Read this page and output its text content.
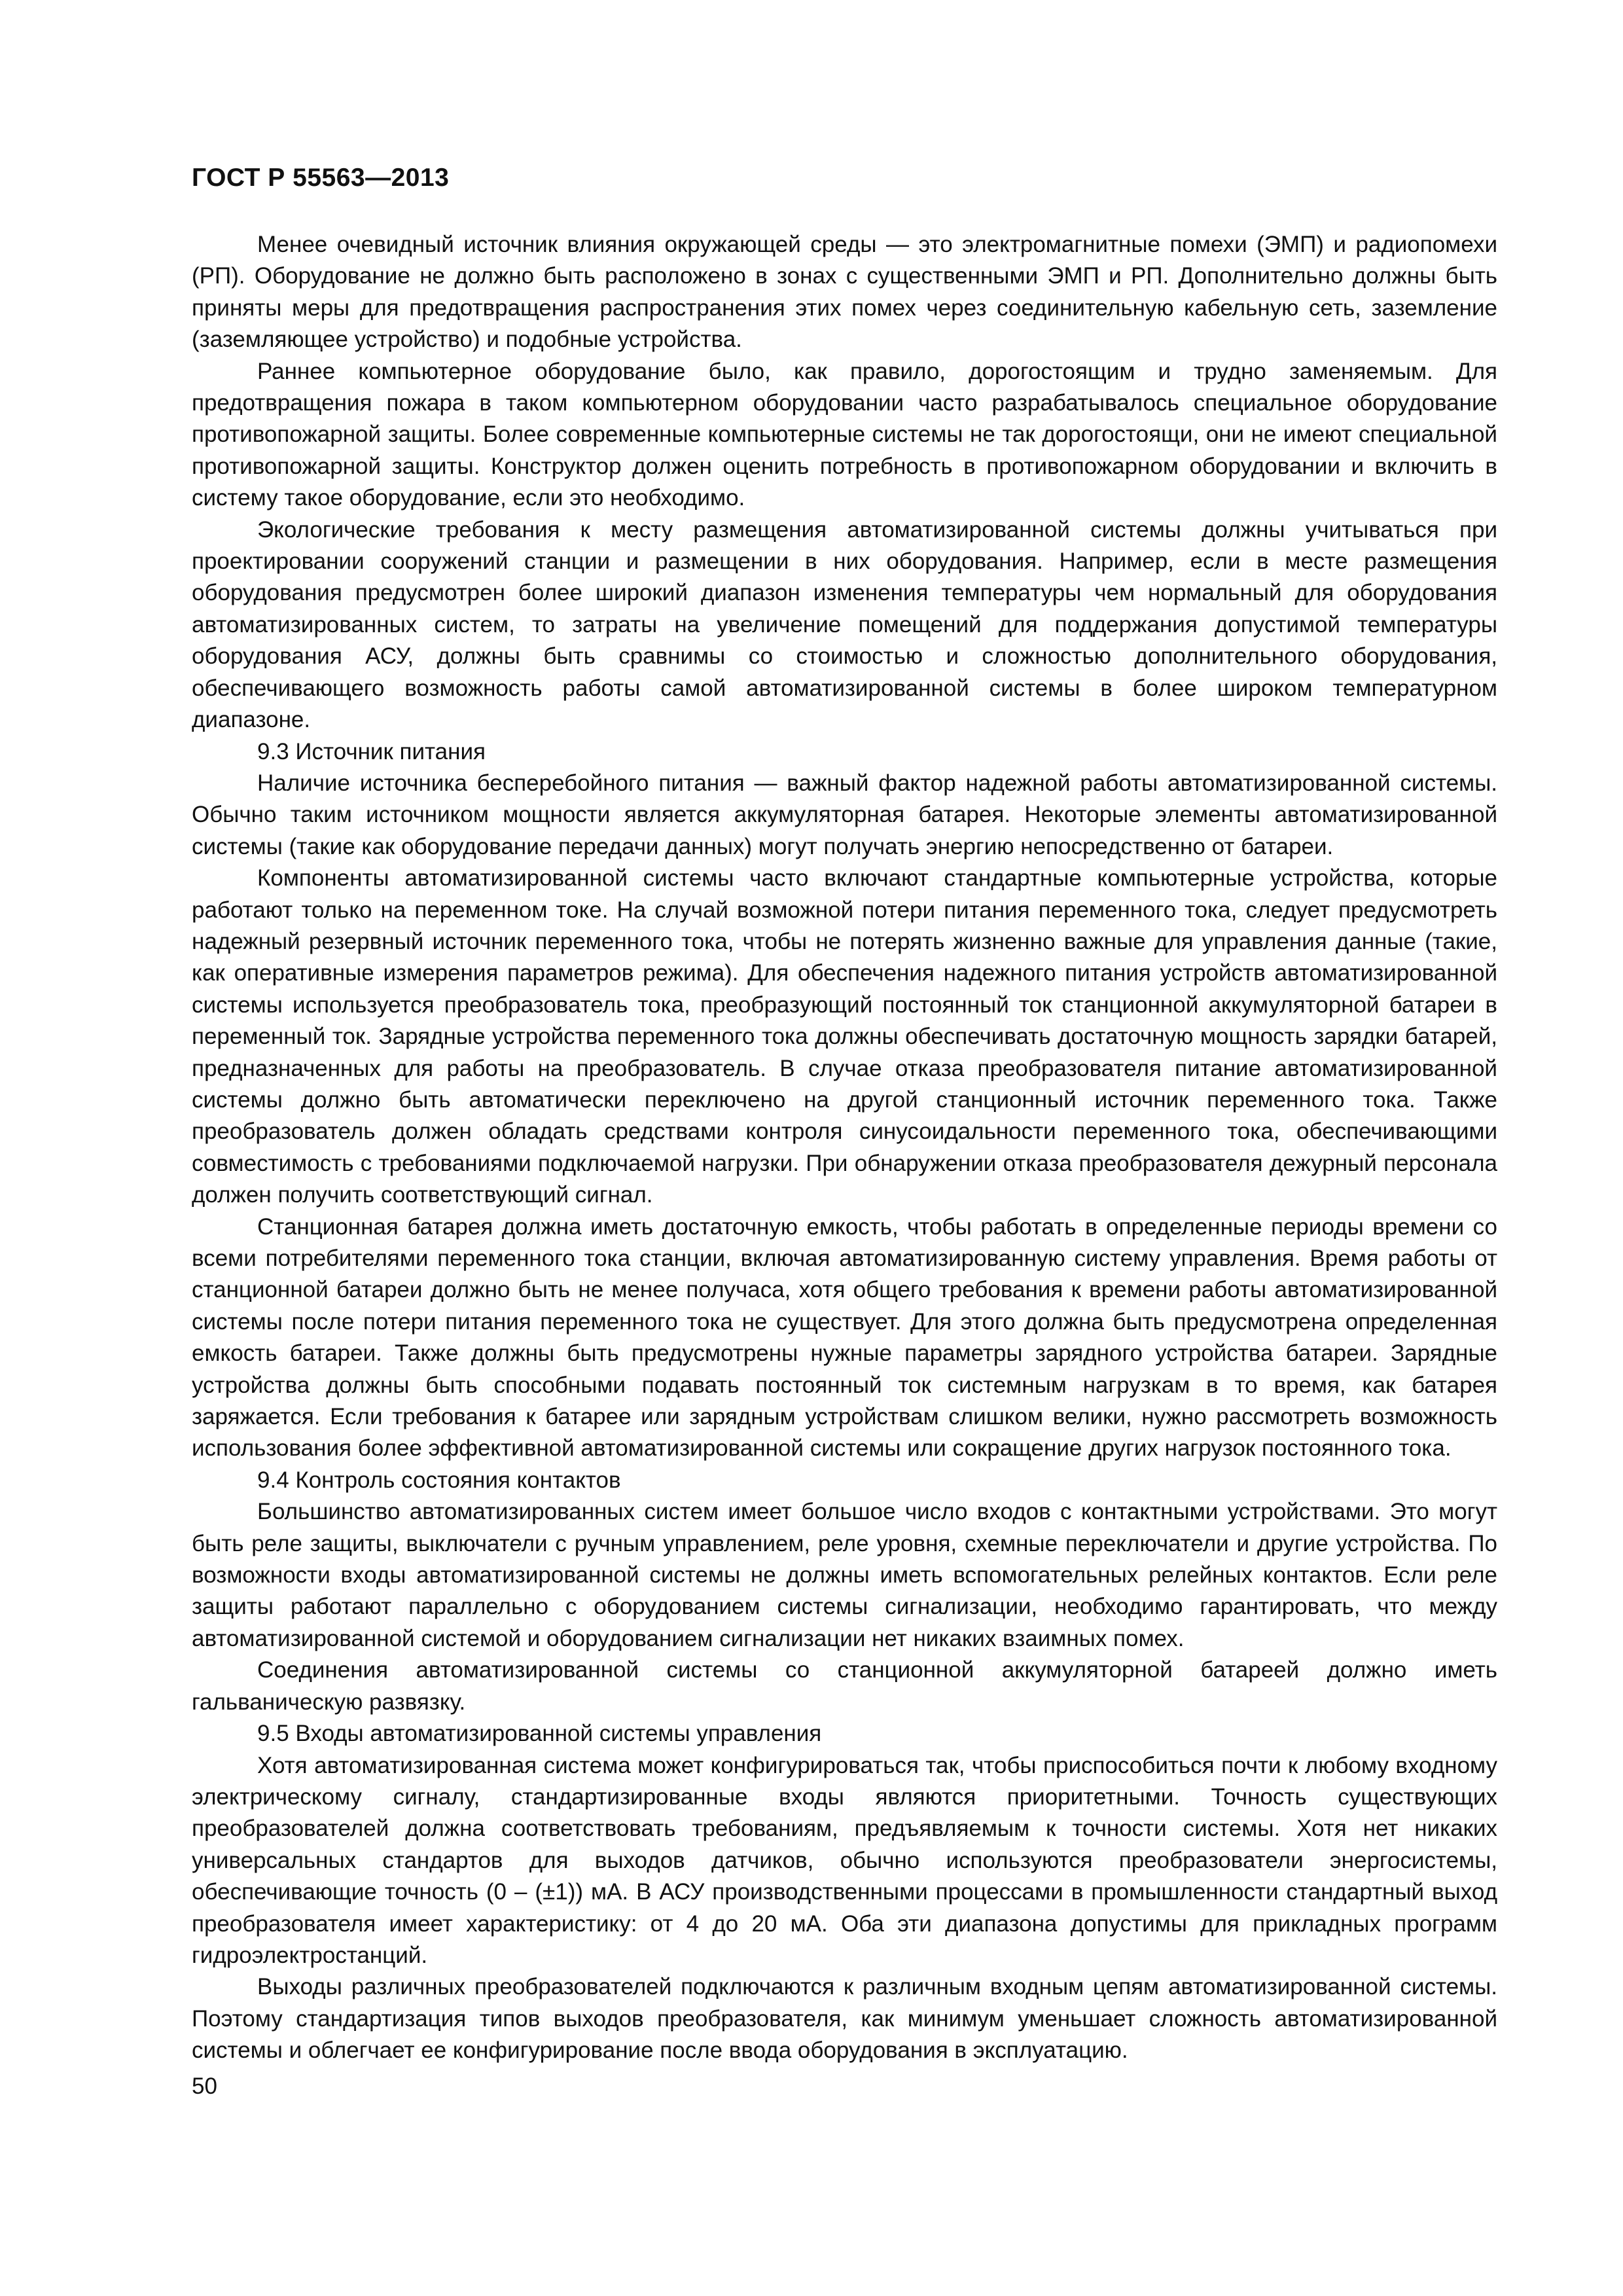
ГОСТ Р 55563—2013

Менее очевидный источник влияния окружающей среды — это электромагнитные помехи (ЭМП) и радиопомехи (РП). Оборудование не должно быть расположено в зонах с существенными ЭМП и РП. Дополнительно должны быть приняты меры для предотвращения распространения этих помех через соединительную кабельную сеть, заземление (заземляющее устройство) и подобные устройства.

Раннее компьютерное оборудование было, как правило, дорогостоящим и трудно заменяемым. Для предотвращения пожара в таком компьютерном оборудовании часто разрабатывалось специальное оборудование противопожарной защиты. Более современные компьютерные системы не так дорогостоящи, они не имеют специальной противопожарной защиты. Конструктор должен оценить потребность в противопожарном оборудовании и включить в систему такое оборудование, если это необходимо.

Экологические требования к месту размещения автоматизированной системы должны учитываться при проектировании сооружений станции и размещении в них оборудования. Например, если в месте размещения оборудования предусмотрен более широкий диапазон изменения температуры чем нормальный для оборудования автоматизированных систем, то затраты на увеличение помещений для поддержания допустимой температуры оборудования АСУ, должны быть сравнимы со стоимостью и сложностью дополнительного оборудования, обеспечивающего возможность работы самой автоматизированной системы в более широком температурном диапазоне.

9.3 Источник питания

Наличие источника бесперебойного питания — важный фактор надежной работы автоматизированной системы. Обычно таким источником мощности является аккумуляторная батарея. Некоторые элементы автоматизированной системы (такие как оборудование передачи данных) могут получать энергию непосредственно от батареи.

Компоненты автоматизированной системы часто включают стандартные компьютерные устройства, которые работают только на переменном токе. На случай возможной потери питания переменного тока, следует предусмотреть надежный резервный источник переменного тока, чтобы не потерять жизненно важные для управления данные (такие, как оперативные измерения параметров режима). Для обеспечения надежного питания устройств автоматизированной системы используется преобразователь тока, преобразующий постоянный ток станционной аккумуляторной батареи в переменный ток. Зарядные устройства переменного тока должны обеспечивать достаточную мощность зарядки батарей, предназначенных для работы на преобразователь. В случае отказа преобразователя питание автоматизированной системы должно быть автоматически переключено на другой станционный источник переменного тока. Также преобразователь должен обладать средствами контроля синусоидальности переменного тока, обеспечивающими совместимость с требованиями подключаемой нагрузки. При обнаружении отказа преобразователя дежурный персонала должен получить соответствующий сигнал.

Станционная батарея должна иметь достаточную емкость, чтобы работать в определенные периоды времени со всеми потребителями переменного тока станции, включая автоматизированную систему управления. Время работы от станционной батареи должно быть не менее получаса, хотя общего требования к времени работы автоматизированной системы после потери питания переменного тока не существует. Для этого должна быть предусмотрена определенная емкость батареи. Также должны быть предусмотрены нужные параметры зарядного устройства батареи. Зарядные устройства должны быть способными подавать постоянный ток системным нагрузкам в то время, как батарея заряжается. Если требования к батарее или зарядным устройствам слишком велики, нужно рассмотреть возможность использования более эффективной автоматизированной системы или сокращение других нагрузок постоянного тока.

9.4 Контроль состояния контактов

Большинство автоматизированных систем имеет большое число входов с контактными устройствами. Это могут быть реле защиты, выключатели с ручным управлением, реле уровня, схемные переключатели и другие устройства. По возможности входы автоматизированной системы не должны иметь вспомогательных релейных контактов. Если реле защиты работают параллельно с оборудованием системы сигнализации, необходимо гарантировать, что между автоматизированной системой и оборудованием сигнализации нет никаких взаимных помех.

Соединения автоматизированной системы со станционной аккумуляторной батареей должно иметь гальваническую развязку.

9.5 Входы автоматизированной системы управления

Хотя автоматизированная система может конфигурироваться так, чтобы приспособиться почти к любому входному электрическому сигналу, стандартизированные входы являются приоритетными. Точность существующих преобразователей должна соответствовать требованиям, предъявляемым к точности системы. Хотя нет никаких универсальных стандартов для выходов датчиков, обычно используются преобразователи энергосистемы, обеспечивающие точность (0 – (±1)) мА. В АСУ производственными процессами в промышленности стандартный выход преобразователя имеет характеристику: от 4 до 20 мА. Оба эти диапазона допустимы для прикладных программ гидроэлектростанций.

Выходы различных преобразователей подключаются к различным входным цепям автоматизированной системы. Поэтому стандартизация типов выходов преобразователя, как минимум уменьшает сложность автоматизированной системы и облегчает ее конфигурирование после ввода оборудования в эксплуатацию.

50
